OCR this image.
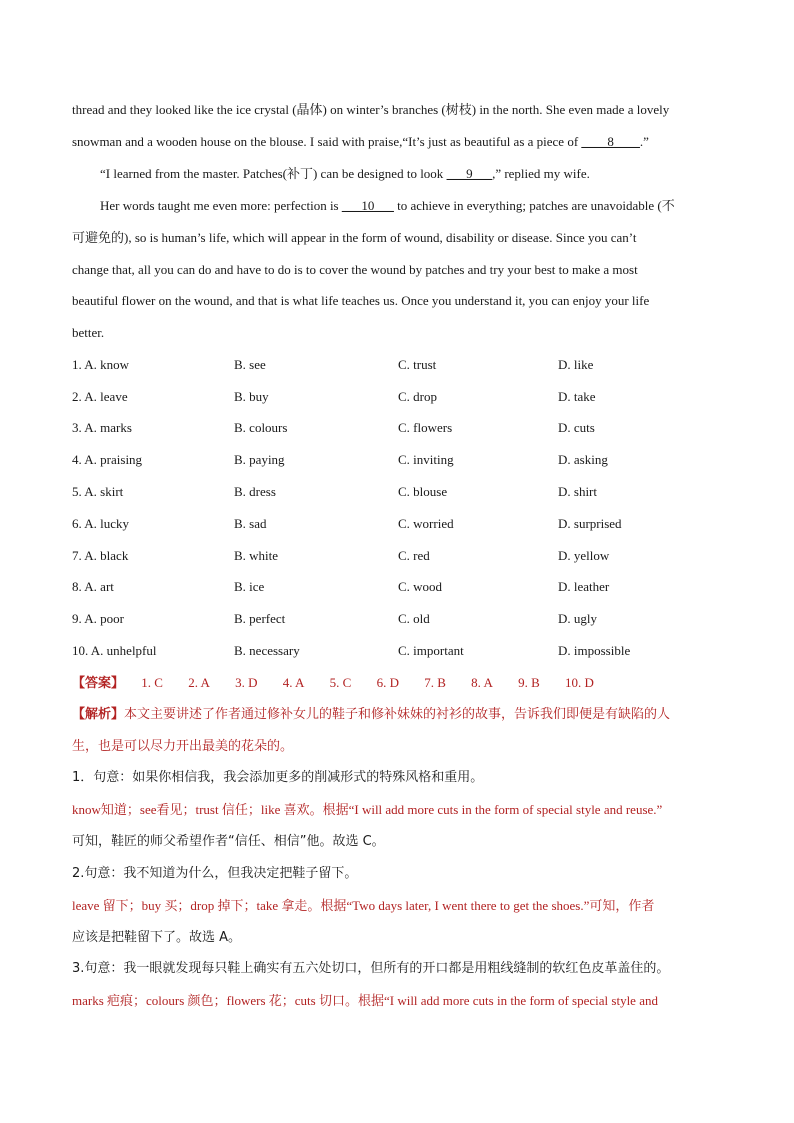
thread and they looked like the ice crystal (晶体) on winter’s branches (树枝) in the north. She even made a lovely
snowman and a wooden house on the blouse. I said with praise,“It’s just as beautiful as a piece of ____8____.”
“I learned from the master. Patches(补丁) can be designed to look ___9___,” replied my wife.
Her words taught me even more: perfection is ___10___ to achieve in everything; patches are unavoidable (不
可避免的), so is human’s life, which will appear in the form of wound, disability or disease. Since you can’t
change that, all you can do and have to do is to cover the wound by patches and try your best to make a most
beautiful flower on the wound, and that is what life teaches us. Once you understand it, you can enjoy your life
better.
1. A. know	B. see	C. trust	D. like
2. A. leave	B. buy	C. drop	D. take
3. A. marks	B. colours	C. flowers	D. cuts
4. A. praising	B. paying	C. inviting	D. asking
5. A. skirt	B. dress	C. blouse	D. shirt
6. A. lucky	B. sad	C. worried	D. surprised
7. A. black	B. white	C. red	D. yellow
8. A. art	B. ice	C. wood	D. leather
9. A. poor	B. perfect	C. old	D. ugly
10. A. unhelpful	B. necessary	C. important	D. impossible
【答案】 1. C 2. A 3. D 4. A 5. C 6. D 7. B 8. A 9. B 10. D
【解析】本文主要讲述了作者通过修补女儿的鞋子和修补妹妹的衬衫的故事，告诉我们即便是有缺陷的人
生，也是可以尽力开出最美的花朵的。
1．句意：如果你相信我，我会添加更多的削减形式的特殊风格和重用。
know知道；see看见；trust 信任；like 喜欢。根据“I will add more cuts in the form of special style and reuse.”
可知，鞋匠的师父希望作者“信任、相信”他。故选 C。
2.句意：我不知道为什么，但我决定把鞋子留下。
leave 留下；buy 买；drop 掉下；take 拿走。根据“Two days later, I went there to get the shoes.”可知，作者
应该是把鞋留下了。故选 A。
3.句意：我一眼就发现每只鞋上确实有五六处切口，但所有的开口都是用粗线缝制的软红色皮革盖住的。
marks 疤痕；colours 颜色；flowers 花；cuts 切口。根据“I will add more cuts in the form of special style and
